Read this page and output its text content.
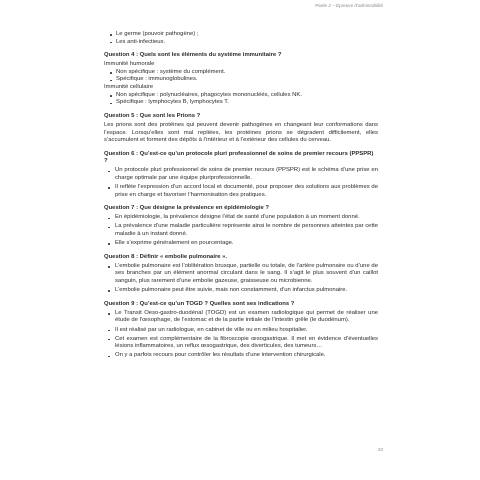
Partie 2 – Épreuve d’admissibilité
Le germe (pouvoir pathogène) ;
Les anti-infectieux.
Question 4 : Quels sont les éléments du système immunitaire ?

Immunité humorale

Non spécifique : système du complément.
Spécifique : immunoglobulines.

Immunité cellulaire

Non spécifique : polynucléaires, phagocytes mononucléés, cellules NK.
Spécifique : lymphocytes B, lymphocytes T.
Question 5 : Que sont les Prions ?

Les prions sont des protéines qui peuvent devenir pathogènes en changeant leur conformations dans l’espace. Lorsqu’elles sont mal repliées, les protéines prions se dégradent difficilement, elles s’accumulent et forment des dépôts à l’intérieur et à l’extérieur des cellules du cerveau.

Question 6 : Qu’est-ce qu’un protocole pluri professionnel de soins de premier recours (PPSPR) ?
Un protocole pluri professionnel de soins de premier recours (PPSPR) est le schéma d’une prise en charge optimale par une équipe pluriprofessionnelle.
Il reflète l’expression d’un accord local et documenté, pour proposer des solutions aux problèmes de prise en charge et favoriser l’harmonisation des pratiques.
Question 7 : Que désigne la prévalence en épidémiologie ?
En épidémiologie, la prévalence désigne l’état de santé d’une population à un moment donné.
La prévalence d’une maladie particulière représente ainsi le nombre de personnes atteintes par cette maladie à un instant donné.
Elle s’exprime généralement en pourcentage.
Question 8 : Définir « embolie pulmonaire ».
L’embolie pulmonaire est l’oblitération brusque, partielle ou totale, de l’artère pulmonaire ou d’une de ses branches par un élément anormal circulant dans le sang. Il s’agit le plus souvent d’un caillot sanguin, plus rarement d’une embolie gazeuse, graisseuse ou microbienne.
L’embolie pulmonaire peut être suivie, mais non constamment, d’un infarctus pulmonaire.
Question 9 : Qu’est-ce qu’un TOGD ? Quelles sont ses indications ?
Le Transit Oeso-gastro-duodénal (TOGD) est un examen radiologique qui permet de réaliser une étude de l’œsophage, de l’estomac et de la partie initiale de l’intestin grêle (le duodénum).
Il est réalisé par un radiologue, en cabinet de ville ou en milieu hospitalier.
Cet examen est complémentaire de la fibroscopie œsogastrique. Il met en évidence d’éventuelles lésions inflammatoires, un reflux œsogastrique, des diverticules, des tumeurs…
On y a parfois recours pour contrôler les résultats d’une intervention chirurgicale.
23
